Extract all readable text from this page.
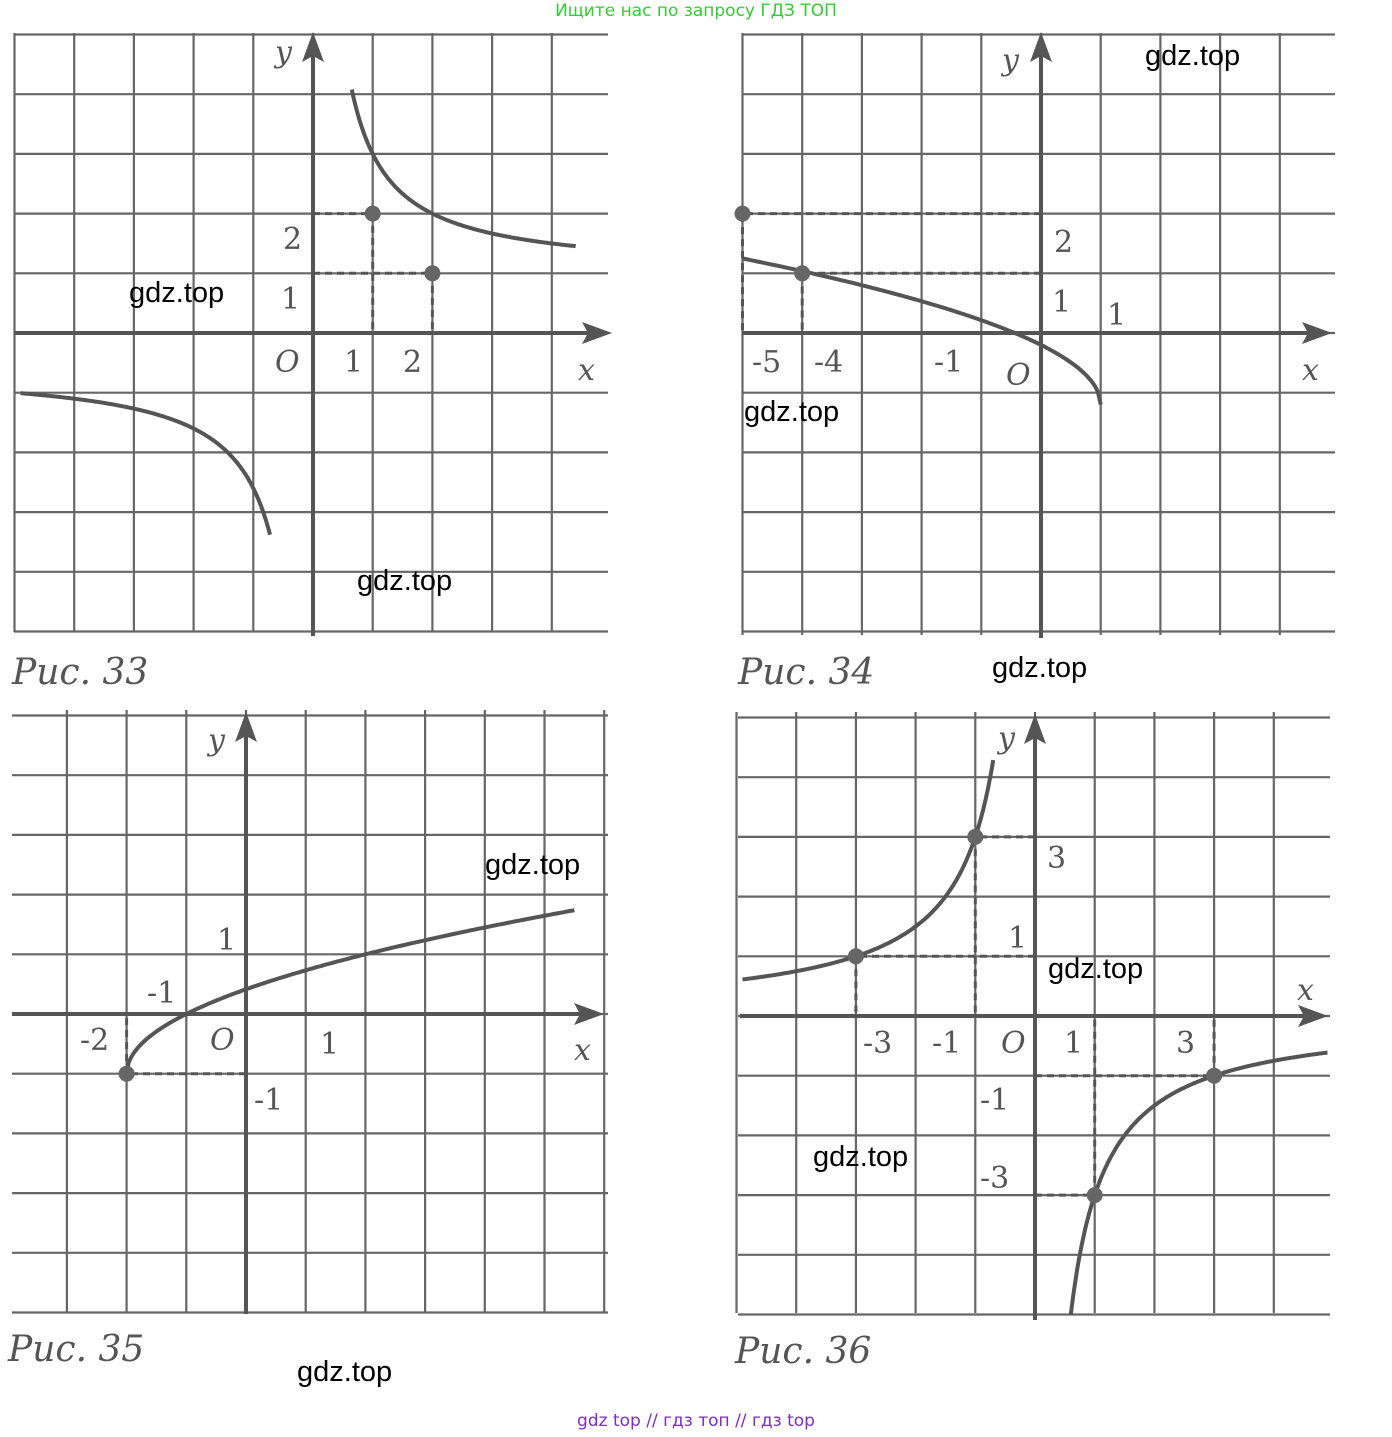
Ищите нас по запросу ГДЗ ТОП
y
x
O
1
2
1 2
y
x
O
2
1 1
-5 -4	-1
y
x
O
1
-1
-2	1
-1
y
x
O
3
1
-3 -1	1	3
-1
-3
Рис. 33	Рис. 34
Рис. 35	Рис. 36
gdz.top
gdz.top
gdz.top
gdz.top
gdz.top
gdz.top
gdz.top
gdz.top
gdz.top
gdz top // гдз топ // гдз top
